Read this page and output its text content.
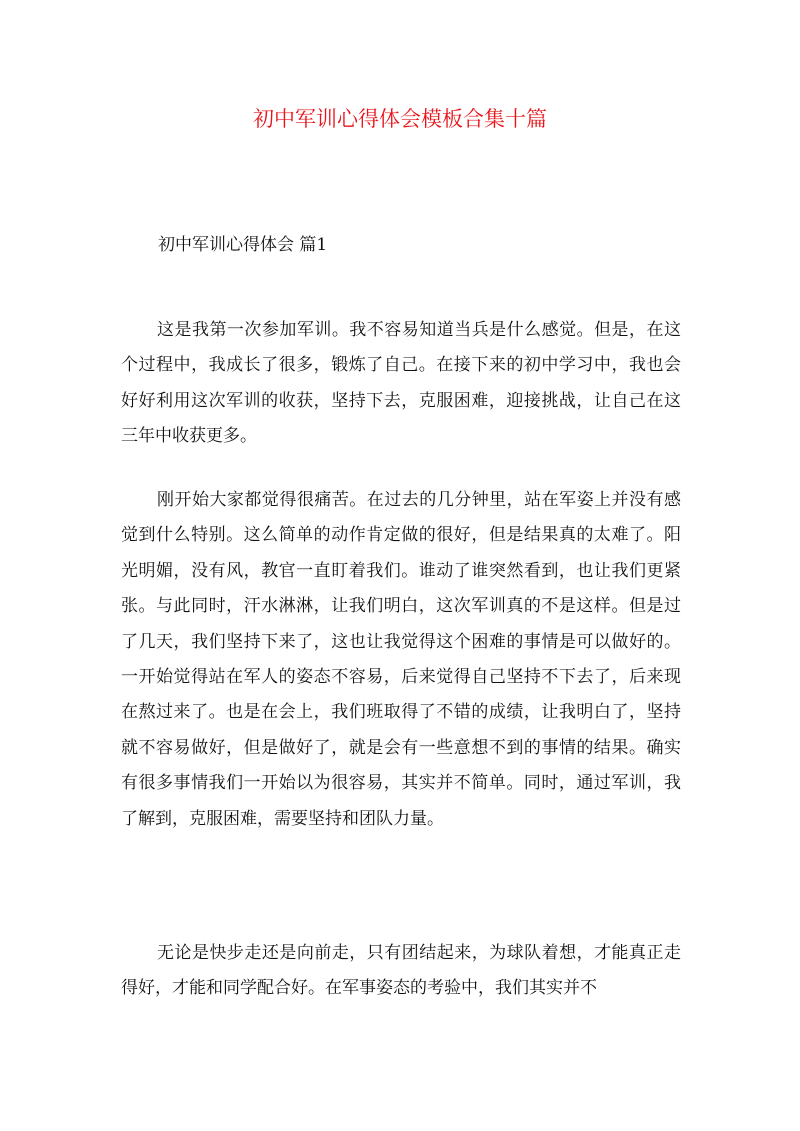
初中军训心得体会模板合集十篇

初中军训心得体会 篇1

这是我第一次参加军训。我不容易知道当兵是什么感觉。但是，在这个过程中，我成长了很多，锻炼了自己。在接下来的初中学习中，我也会好好利用这次军训的收获，坚持下去，克服困难，迎接挑战，让自己在这三年中收获更多。

刚开始大家都觉得很痛苦。在过去的几分钟里，站在军姿上并没有感觉到什么特别。这么简单的动作肯定做的很好，但是结果真的太难了。阳光明媚，没有风，教官一直盯着我们。谁动了谁突然看到，也让我们更紧张。与此同时，汗水淋淋，让我们明白，这次军训真的不是这样。但是过了几天，我们坚持下来了，这也让我觉得这个困难的事情是可以做好的。一开始觉得站在军人的姿态不容易，后来觉得自己坚持不下去了，后来现在熬过来了。也是在会上，我们班取得了不错的成绩，让我明白了，坚持就不容易做好，但是做好了，就是会有一些意想不到的事情的结果。确实有很多事情我们一开始以为很容易，其实并不简单。同时，通过军训，我了解到，克服困难，需要坚持和团队力量。

无论是快步走还是向前走，只有团结起来，为球队着想，才能真正走得好，才能和同学配合好。在军事姿态的考验中，我们其实并不
